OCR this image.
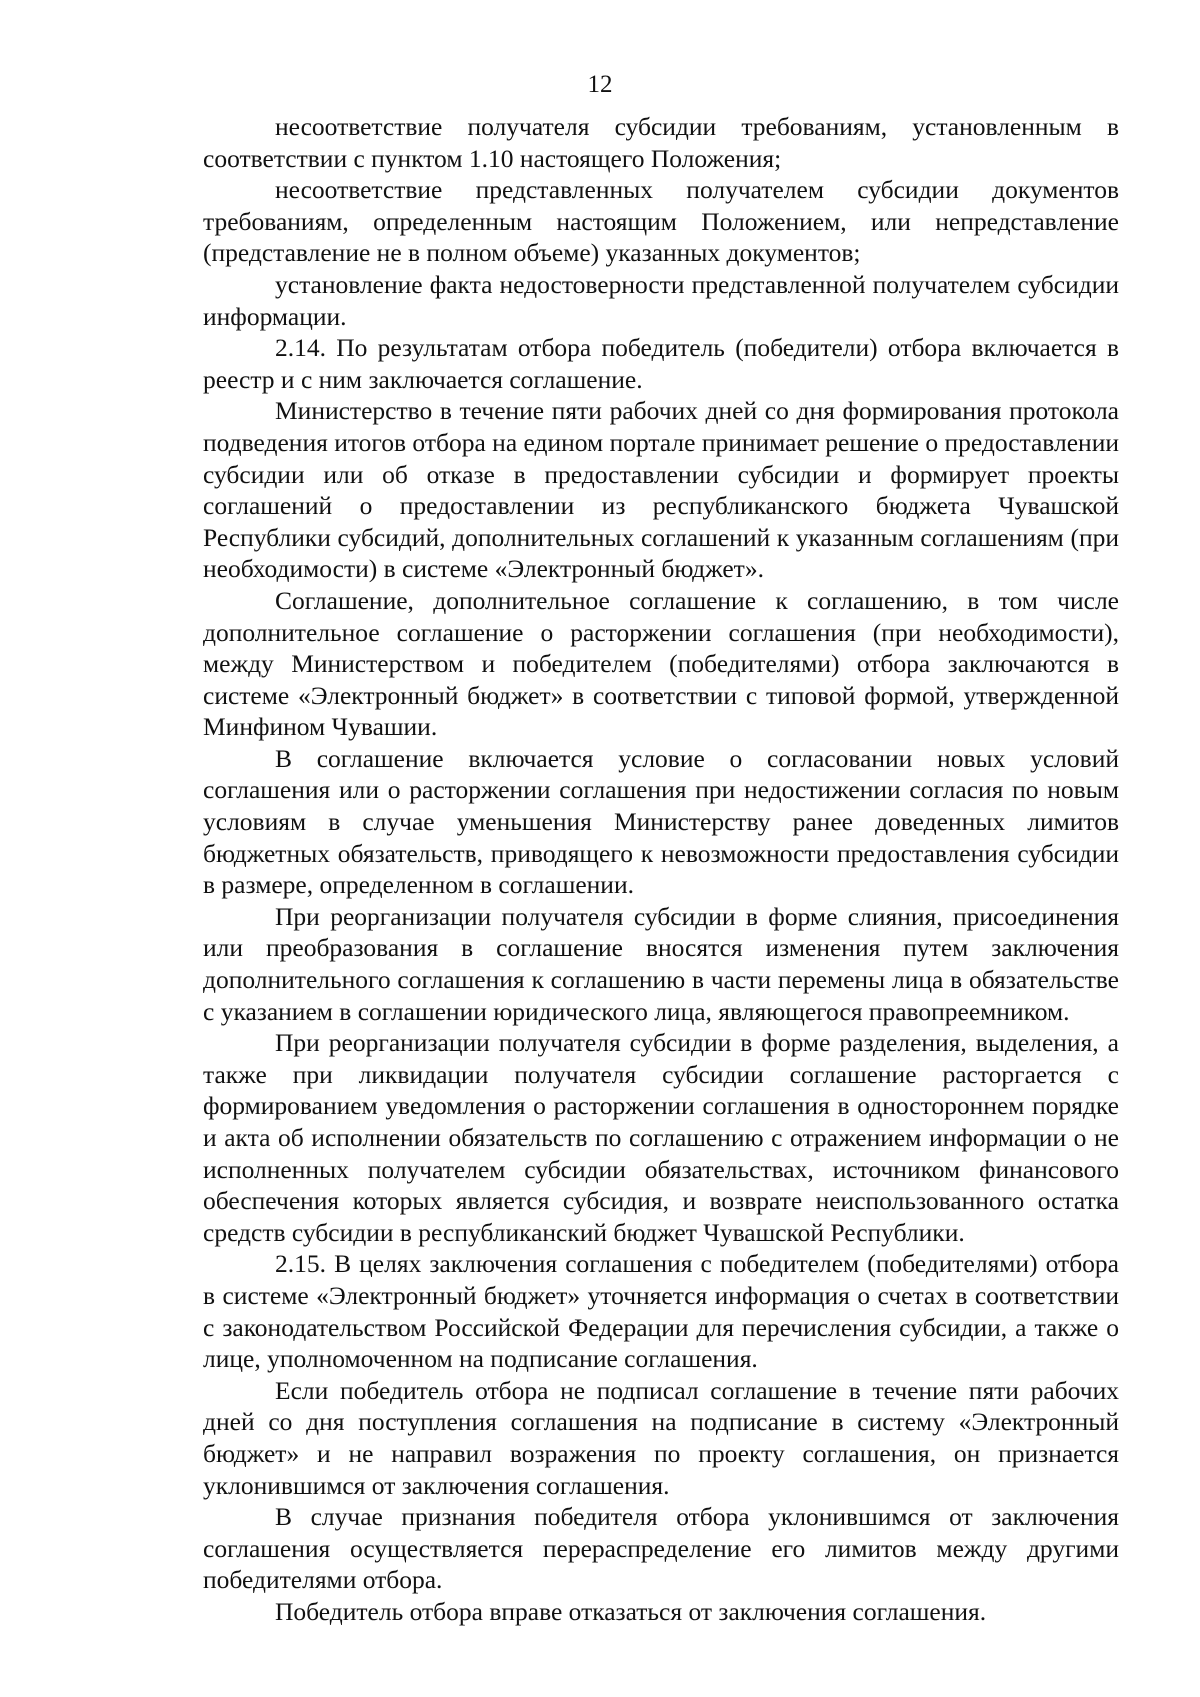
12

несоответствие получателя субсидии требованиям, установленным в соответствии с пунктом 1.10 настоящего Положения;

несоответствие представленных получателем субсидии документов требованиям, определенным настоящим Положением, или непредставление (представление не в полном объеме) указанных документов;

установление факта недостоверности представленной получателем субсидии информации.

2.14. По результатам отбора победитель (победители) отбора включается в реестр и с ним заключается соглашение.

Министерство в течение пяти рабочих дней со дня формирования протокола подведения итогов отбора на едином портале принимает решение о предоставлении субсидии или об отказе в предоставлении субсидии и формирует проекты соглашений о предоставлении из республиканского бюджета Чувашской Республики субсидий, дополнительных соглашений к указанным соглашениям (при необходимости) в системе «Электронный бюджет».

Соглашение, дополнительное соглашение к соглашению, в том числе дополнительное соглашение о расторжении соглашения (при необходимости), между Министерством и победителем (победителями) отбора заключаются в системе «Электронный бюджет» в соответствии с типовой формой, утвержденной Минфином Чувашии.

В соглашение включается условие о согласовании новых условий соглашения или о расторжении соглашения при недостижении согласия по новым условиям в случае уменьшения Министерству ранее доведенных лимитов бюджетных обязательств, приводящего к невозможности предоставления субсидии в размере, определенном в соглашении.

При реорганизации получателя субсидии в форме слияния, присоединения или преобразования в соглашение вносятся изменения путем заключения дополнительного соглашения к соглашению в части перемены лица в обязательстве с указанием в соглашении юридического лица, являющегося правопреемником.

При реорганизации получателя субсидии в форме разделения, выделения, а также при ликвидации получателя субсидии соглашение расторгается с формированием уведомления о расторжении соглашения в одностороннем порядке и акта об исполнении обязательств по соглашению с отражением информации о не исполненных получателем субсидии обязательствах, источником финансового обеспечения которых является субсидия, и возврате неиспользованного остатка средств субсидии в республиканский бюджет Чувашской Республики.

2.15. В целях заключения соглашения с победителем (победителями) отбора в системе «Электронный бюджет» уточняется информация о счетах в соответствии с законодательством Российской Федерации для перечисления субсидии, а также о лице, уполномоченном на подписание соглашения.

Если победитель отбора не подписал соглашение в течение пяти рабочих дней со дня поступления соглашения на подписание в систему «Электронный бюджет» и не направил возражения по проекту соглашения, он признается уклонившимся от заключения соглашения.

В случае признания победителя отбора уклонившимся от заключения соглашения осуществляется перераспределение его лимитов между другими победителями отбора.

Победитель отбора вправе отказаться от заключения соглашения.
